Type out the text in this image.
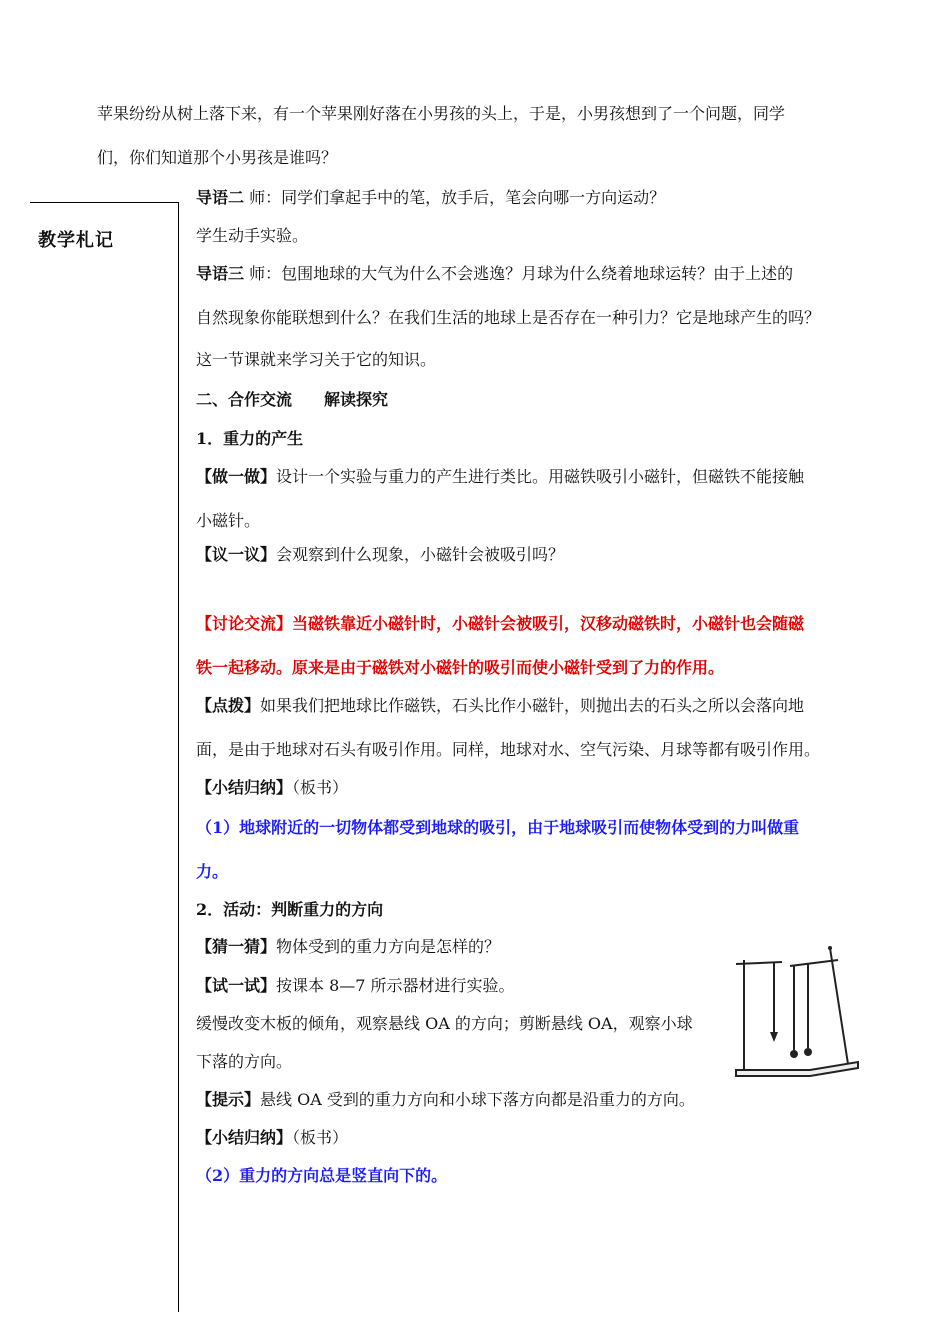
苹果纷纷从树上落下来，有一个苹果刚好落在小男孩的头上，于是，小男孩想到了一个问题，同学
们，你们知道那个小男孩是谁吗？
教学札记
导语二 师：同学们拿起手中的笔，放手后，笔会向哪一方向运动？
学生动手实验。
导语三 师：包围地球的大气为什么不会逃逸？月球为什么绕着地球运转？由于上述的
自然现象你能联想到什么？在我们生活的地球上是否存在一种引力？它是地球产生的吗？
这一节课就来学习关于它的知识。
二、合作交流　　解读探究
1．重力的产生
【做一做】设计一个实验与重力的产生进行类比。用磁铁吸引小磁针，但磁铁不能接触
小磁针。
【议一议】会观察到什么现象，小磁针会被吸引吗？
【讨论交流】当磁铁靠近小磁针时，小磁针会被吸引，汉移动磁铁时，小磁针也会随磁
铁一起移动。原来是由于磁铁对小磁针的吸引而使小磁针受到了力的作用。
【点拨】如果我们把地球比作磁铁，石头比作小磁针，则抛出去的石头之所以会落向地
面，是由于地球对石头有吸引作用。同样，地球对水、空气污染、月球等都有吸引作用。
【小结归纳】（板书）
（1）地球附近的一切物体都受到地球的吸引，由于地球吸引而使物体受到的力叫做重
力。
2．活动：判断重力的方向
【猜一猜】物体受到的重力方向是怎样的？
【试一试】按课本 8—7 所示器材进行实验。
缓慢改变木板的倾角，观察悬线 OA 的方向；剪断悬线 OA，观察小球
下落的方向。
【提示】悬线 OA 受到的重力方向和小球下落方向都是沿重力的方向。
【小结归纳】（板书）
（2）重力的方向总是竖直向下的。
